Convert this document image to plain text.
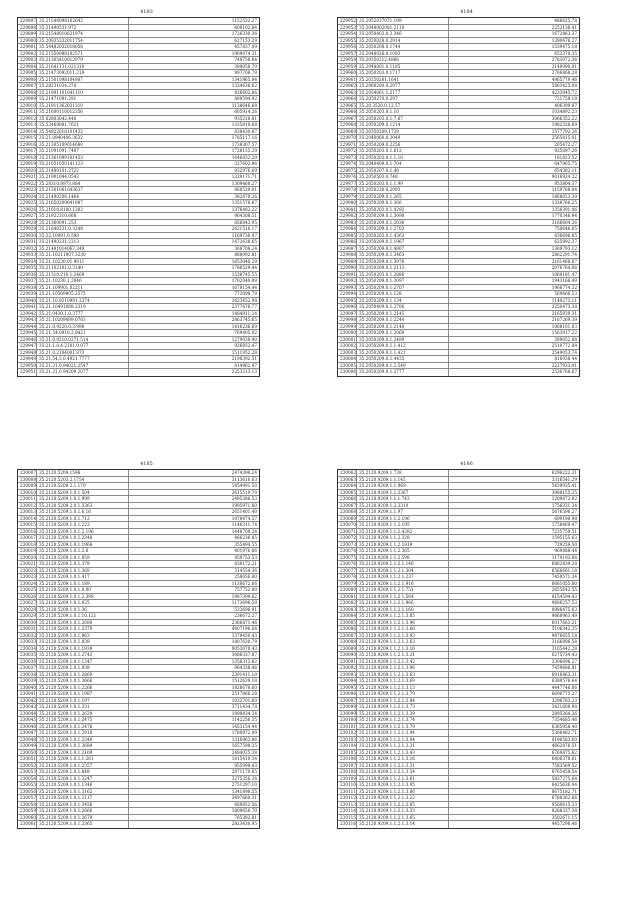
4183
229897 35.21548098162642	1152532.27
229898 35.21490531.972	408102.84
229899 35.21548010621974	1726330.36
229900 35.20935332011754	627153.29
229901 35.54482032018058	457837.09
229902 35.21550098102571	1969074.31
229903 35.21305410012979	748756.84
229904 35.21641131.021310	389058.70
229905 35.21473092011.219	897708.79
229906 35.21501098104987	1341965.84
229907 35.28231034.274	1334638.62
229908 35.21991101041110	826602.86
229909 35.21471091.291	889594.92
229910 35.21911362031310	1138646.68
229911 35.21600110012356	605914.26
229912 35.62803042.448	935218.81
229913 35.52469081.7621	1335819.68
229914 35.54922018101432	838430.87
229915 35.21.0940406.3632	1785117.16
229916 35.21305109014680	1738307.57
229917 35.21091091.7407	1728135.29
229918 35.21361099101453	1646832.29
229919 35.21051050141123	327602.96
229920 35.21480101.2722	932976.69
229921 35.21901044.0543	1329171.71
229922 35.28310.8973.884	1309468.27
229923 35.21501061043637	868539.01
229924 35.21490208.1464	382879.26
229925 35.21650209041987	1351576.87
229926 35.21010.8100.1302	1376482.22
229927 35.21922310.668	964308.51
229928 35.21360091.253	856843.95
229929 35.21640231.0.3248	2621516.17
229930 35.22.10091.0.598	1169736.97
229931 35.21490231.2313	1472638.65
229932 35.21491014067.349	368708.24
229933 35.21.10211907.3230	888092.81
229934 35.21.10230.01.9811	1653040.29
229935 35.21102101.0.3140	1786529.44
229936 35.21310.210.1.2469	1538745.55
229937 35.21.10230.1.2846	1702040.89
229938 35.21.109901.02211	1678154.44
229939 35.21.10509905.2575	773098.79
229940 35.21.10.9210991.3374	1623452.98
229941 35.21.10491088.2319	2377676.77
229942 35.21.0430.1.0.3777	1484911.24
229943 35.21.10209099.0783	2863745.65
229944 35.21.0.9220.0.3.998	1416236.69
229945 35.21.54.0910.2.9421	769405.02
229946 35.21.0.9210.0271.514	1279038.90
229947 35.21.1.0.4.2101.0.077	926852.47
229948 35.21.0.2104001.873	1511952.28
229949 35.21.54.3.0.4921.7777	2198392.51
229950 35.21.21.0.94021.2547	814962.47
229951 35.21.21.0.94209.2077	2253213.13
4184
229952 35.2052037071.199	486625.78
229953 35.2048002081.2110	2252138.41
229954 35.2050403.0.2.346	1672863.37
229955 35.2020028.0.2914	1390676.27
229956 35.2050208.0.1744	1539475.18
229957 35.2048026.0.1093	652370.35
229958 35.20350212.4866	2783072.36
229959 35.2048001.0.1185	2149990.91
229960 35.2050203.0.1717	2766868.28
229961 35.20350261.1641	4965779.46
229962 35.2060200.0.2977	5863425.08
229963 35.2054061.1.2177	4233945.72
229964 35.2050270.0.297	721758.19
229965 35.20.3520.0.12.57	406399.07
229966 35.2050203.0.1.10	1034892.23
229967 35.2050203.0.1.7.67	3066352.22
229968 35.2050209.0.1214	1982328.69
229969 35.20350209.1728	1577792.26
229970 35.2040060.0.2049	2565815.01
229971 35.2050209.0.2256	205472.27
229972 35.2050203.0.1.612	925097.26
229973 35.2050203.0.1.1.10	181823.52
229974 35.2040409.0.1.704	647965.75
229975 35.2050207.0.1.48	654382.11
229976 35.2050503.0.748	9016924.22
229977 35.2050203.0.1.1.99	953804.37
229978 35.2050230.0.2093	1159788.04
229979 35.2050209.0.1.265	1868053.39
229980 35.2050209.0.1.366	1338766.25
229981 35.2050203.0.1.4292	1356391.06
229982 35.2050209.0.1.3098	1770346.94
229983 35.2050209.0.1.2036	3166604.26
229984 35.2050209.0.1.2703	750646.65
229985 35.2050203.0.1.4363	836696.85
229986 35.2050209.0.1.1967	625892.37
229987 35.2050209.0.1.4807	1369793.12
229988 35.2050209.0.1.3463	2862291.74
229989 35.2050209.0.1.3976	2161466.87
229990 35.2050209.0.1.2113	2076764.06
229991 35.2050203.0.1.2886	1060181.47
229992 35.2050209.0.1.3097	1943166.49
229993 35.2050209.0.1.2707	1966774.32
229994 35.2050209.0.1.128	569666.53
229995 35.2050209.0.1.134	1140273.11
229996 35.2050409.0.1.2700	2250473.38
229997 35.2050209.0.1.2145	2165839.31
229998 35.2050209.0.1.2244	2167269.39
229999 35.2050209.0.1.2148	1068101.03
230000 35.2050209.0.1.2069	1563917.22
230001 35.2050209.0.1.2489	389052.88
230002 35.2050209.0.1.1.412	2510772.08
230003 35.2050209.0.1.1.421	2549053.74
230004 35.2050209.0.1.4435	816938.44
230005 35.2050209.0.1.2.549	2227933.01
230006 35.2050209.0.1.2777	2536768.67
4185
230007 35.2120.5209.1596	2474396.24
230008 35.2120.5203.2.1754	3113616.63
230009 35.2120.5209.2.1.170	1454991.50
230010 35.2120.5209.1.0.1.504	2615519.70
230011 35.2120.5209.1.0.1.999	2495386.53
230012 35.2120.5209.2.0.1.3363	1995971.60
230013 35.2120.5209.1.0.1.6.16	2651401.40
230014 35.2120.5209.1.0.1.712	1078474.57
230015 35.2120.5209.1.0.1.222	1146311.74
230016 35.2120.5209.1.0.1.2.196	1448708.24
230017 35.2120.5209.1.0.1.2348	466236.85
230018 35.2120.5209.1.0.1.1968	355494.55
230019 35.2120.5209.1.0.1.2.6	401976.86
230020 35.2120.5209.1.0.1.859	859753.53
230021 35.2120.5209.1.0.1.378	838172.21
230022 35.2120.5209.1.0.1.369	314554.36
230023 35.2120.5209.1.0.1.417	258656.80
230024 35.2120.5209.1.0.1.189	1138672.66
230025 35.2120.5209.1.0.1.0.00	757752.00
230026 35.2120.5209.1.0.1.2.398	1987399.62
230027 35.2120.5209.1.0.1.925	1173696.59
230028 35.2120.5209.1.0.1.36	533696.91
230029 35.2120.5209.1.0.1.10.121	236672.27
230030 35.2120.5209.1.0.1.2680	2366871.46
230031 35.2120.5209.1.0.1.2379	4407196.04
230032 35.2120.5209.1.0.1.963	3378456.43
230033 35.2120.5209.1.0.1.839	1807630.79
230034 35.2120.5209.1.0.1.1939	9053070.43
230035 35.2120.5209.1.0.1.2742	3686337.87
230036 35.2120.5209.1.0.1.1347	1356313.82
230037 35.2120.5209.1.0.1.938	964338.46
230038 35.2120.5209.1.0.1.2869	2391411.10
230039 35.2120.5209.1.0.1.3666	1512639.18
230040 35.2120.5209.1.0.1.2266	1826676.60
230041 35.2120.5209.1.0.1.1987	2517866.28
230042 35.2120.5209.1.0.1.197	1032701.60
230043 35.2120.5209.1.0.1.331	3711434.78
230044 35.2120.5209.1.0.1.2629	1899434.34
230045 35.2120.5209.1.0.1.2475	1142256.35
230046 35.2120.5209.1.0.1.2476	1453154.44
230047 35.2120.5209.1.0.1.2916	1780972.09
230048 35.2120.5209.1.0.1.2346	1316963.86
230049 35.2120.5209.1.0.1.3689	1657598.25
230050 35.2120.5209.1.0.1.2109	2484025.38
230051 35.2120.5209.1.0.1.1.261	1815410.34
230052 35.2120.5209.1.0.1.2357	955998.43
230053 35.2120.5209.1.0.1.848	2671170.65
230054 35.2120.5209.1.0.1.3247	3275356.24
230055 35.2120.5209.1.0.1.1346	2751297.10
230056 35.2120.5209.1.0.1.3162	1341898.55
230057 35.2120.5209.1.0.1.2117	3497660.31
230058 35.2120.5209.1.0.1.3456	669852.56
230059 35.2120.5209.1.0.1.2666	1809656.79
230060 35.2120.5209.1.0.1.2679	785382.81
230061 35.2120.5209.1.0.1.2365	2823430.95
4186
230062 35.2120.9209.1.738	6296222.31
230063 35.2120.9209.1.1.145	3316541.29
230064 35.2120.9209.1.1.969	5439935.41
230065 35.2120.9209.1.1.3367	3988155.35
230066 35.2120.9209.1.1.1.743	1209872.02
230067 35.2120.9209.1.2.3310	1756331.34
230068 35.2120.9209.1.1.97	5676596.27
230069 35.2120.9209.1.1.2.196	699198.98
230070 35.2120.9209.1.1.2.195	1758469.47
230071 35.2120.9209.1.1.2.4382	7235759.51
230072 35.2120.9209.1.1.2.328	1595155.63
230073 35.2120.9209.1.1.2.1819	729259.50
230074 35.2120.9209.1.1.2.365	969888.44
230075 35.2120.9209.1.1.2.598	1179193.66
230076 35.2120.9209.1.1.2.1.146	6862839.28
230077 35.2120.9209.1.1.2.1.304	6566661.18
230078 35.2120.9209.1.1.2.1.237	7459571.34
230079 35.2120.9209.1.1.2.1.916	6661055.80
230080 35.2120.9209.1.1.2.1.751	2655642.55
230081 35.2120.9209.1.1.2.1.564	8154594.43
230082 35.2120.9209.1.1.2.1.966	9686257.53
230083 35.2120.9209.1.1.2.1.160	8986475.63
230084 35.2120.9209.1.1.2.1.3.85	9668963.49
230085 35.2120.9209.1.1.2.1.3.96	6017663.21
230086 35.2120.9209.1.1.2.1.3.66	5106342.35
230087 35.2120.9209.1.1.2.1.3.93	9876655.18
230088 35.2120.9209.1.1.2.1.3.63	3166896.58
230089 35.2120.9209.1.1.2.1.3.16	3165442.28
230090 35.2120.9209.1.1.2.1.3.21	6275734.43
230091 35.2120.9209.1.1.2.1.3.42	3306696.27
230092 35.2120.9209.1.1.2.1.3.96	7459686.91
230093 35.2120.9209.1.1.2.1.3.63	8916863.31
230094 35.2120.9209.1.1.2.1.3.69	6389576.64
230095 35.2120.9209.1.1.2.1.3.13	4447746.06
230096 35.2120.9209.1.1.2.1.3.79	6696775.27
230097 35.2120.9209.1.1.2.1.3.84	3296783.23
230098 35.2120.9209.1.1.2.1.3.73	3421608.98
230099 35.2120.9209.1.1.2.1.3.39	2895364.36
230100 35.2120.9209.1.1.2.1.3.74	7354685.46
230101 35.2120.9209.1.1.2.1.3.79	6365958.40
230102 35.2120.9209.1.1.2.1.3.94	5366462.71
230103 35.2120.9209.1.1.2.1.3.04	8196583.60
230104 35.2120.9209.1.1.2.1.3.31	4662876.51
230105 35.2120.9209.1.1.2.1.3.43	6769875.62
230106 35.2120.9209.1.1.2.1.3.16	6406378.61
230107 35.2120.9209.1.1.2.1.3.31	7583569.52
230108 35.2120.9209.1.1.2.1.3.54	6765458.54
230109 35.2120.9209.1.1.2.1.3.61	5837275.64
230110 35.2120.9209.1.1.2.1.3.95	6425636.04
230111 35.2120.9209.1.1.2.1.3.86	8675182.71
230112 35.2120.9209.1.1.2.1.3.22	6788362.66
230113 35.2120.9209.1.1.2.1.3.85	9560615.33
230114 35.2120.9209.1.1.2.1.3.33	8288337.38
230115 35.2120.9209.1.1.2.1.3.65	3502671.15
230116 35.2120.9209.1.1.2.1.3.14	4457296.46
